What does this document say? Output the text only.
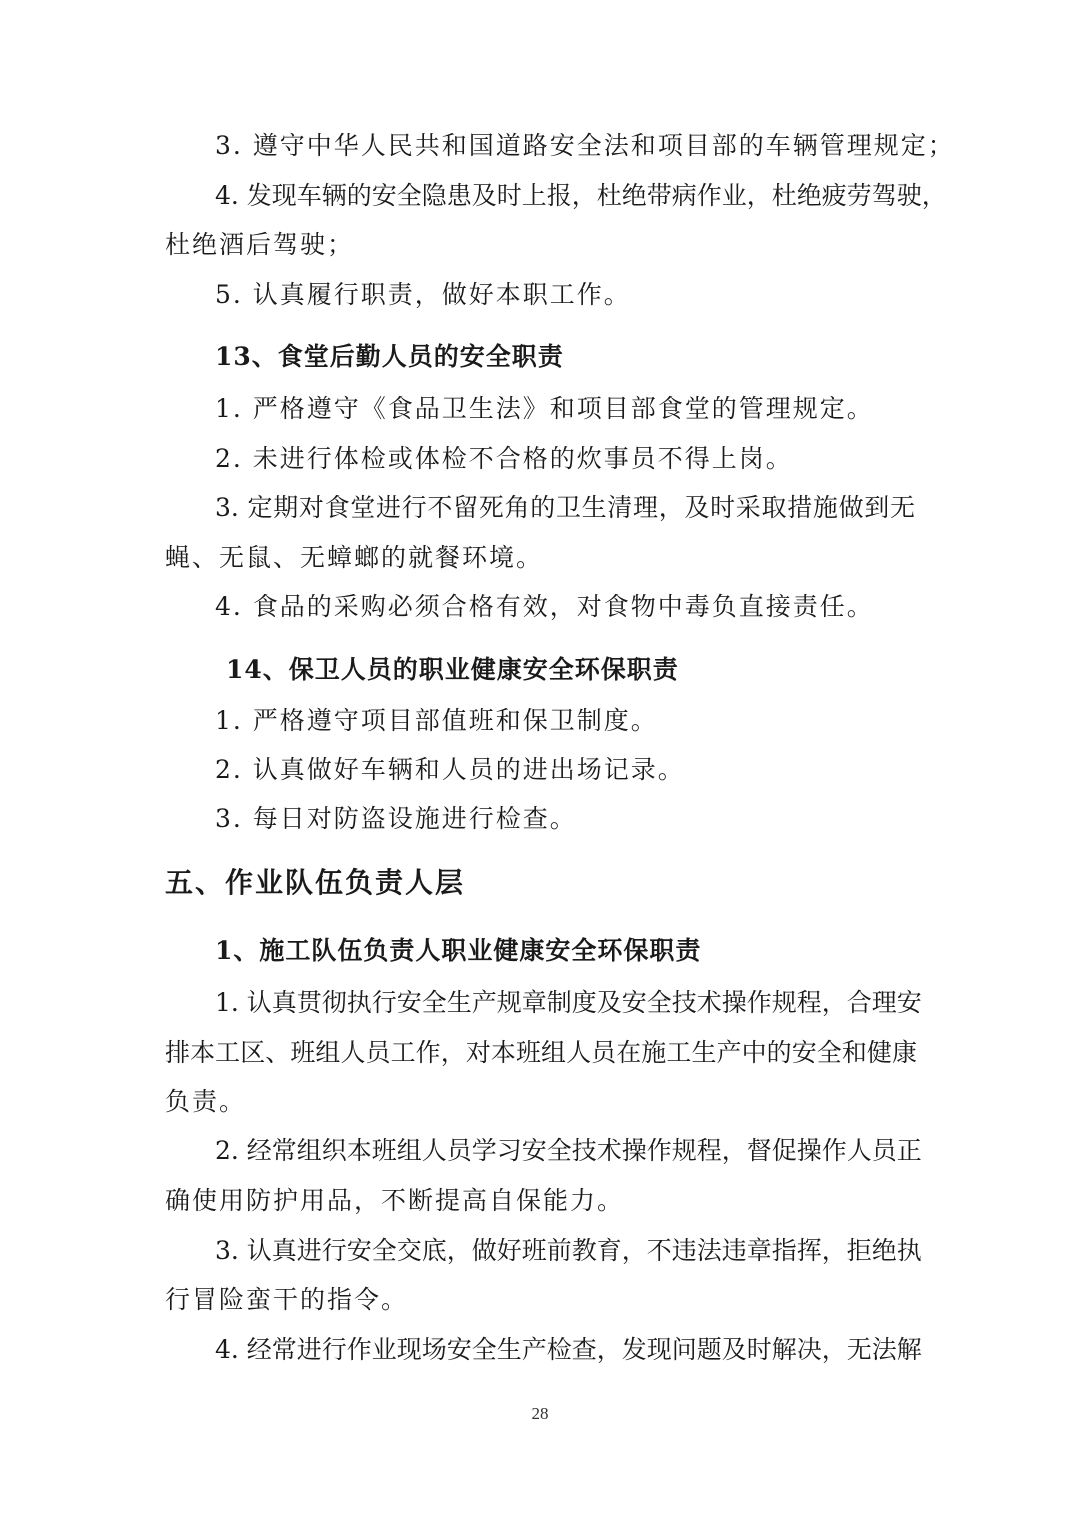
3. 遵守中华人民共和国道路安全法和项目部的车辆管理规定；
4. 发现车辆的安全隐患及时上报，杜绝带病作业，杜绝疲劳驾驶，
杜绝酒后驾驶；
5. 认真履行职责，做好本职工作。
13、食堂后勤人员的安全职责
1. 严格遵守《食品卫生法》和项目部食堂的管理规定。
2. 未进行体检或体检不合格的炊事员不得上岗。
3. 定期对食堂进行不留死角的卫生清理，及时采取措施做到无
蝇、无鼠、无蟑螂的就餐环境。
4. 食品的采购必须合格有效，对食物中毒负直接责任。
14、保卫人员的职业健康安全环保职责
1. 严格遵守项目部值班和保卫制度。
2. 认真做好车辆和人员的进出场记录。
3. 每日对防盗设施进行检查。
五、作业队伍负责人层
1、施工队伍负责人职业健康安全环保职责
1. 认真贯彻执行安全生产规章制度及安全技术操作规程，合理安
排本工区、班组人员工作，对本班组人员在施工生产中的安全和健康
负责。
2. 经常组织本班组人员学习安全技术操作规程，督促操作人员正
确使用防护用品，不断提高自保能力。
3. 认真进行安全交底，做好班前教育，不违法违章指挥，拒绝执
行冒险蛮干的指令。
4. 经常进行作业现场安全生产检查，发现问题及时解决，无法解
28
